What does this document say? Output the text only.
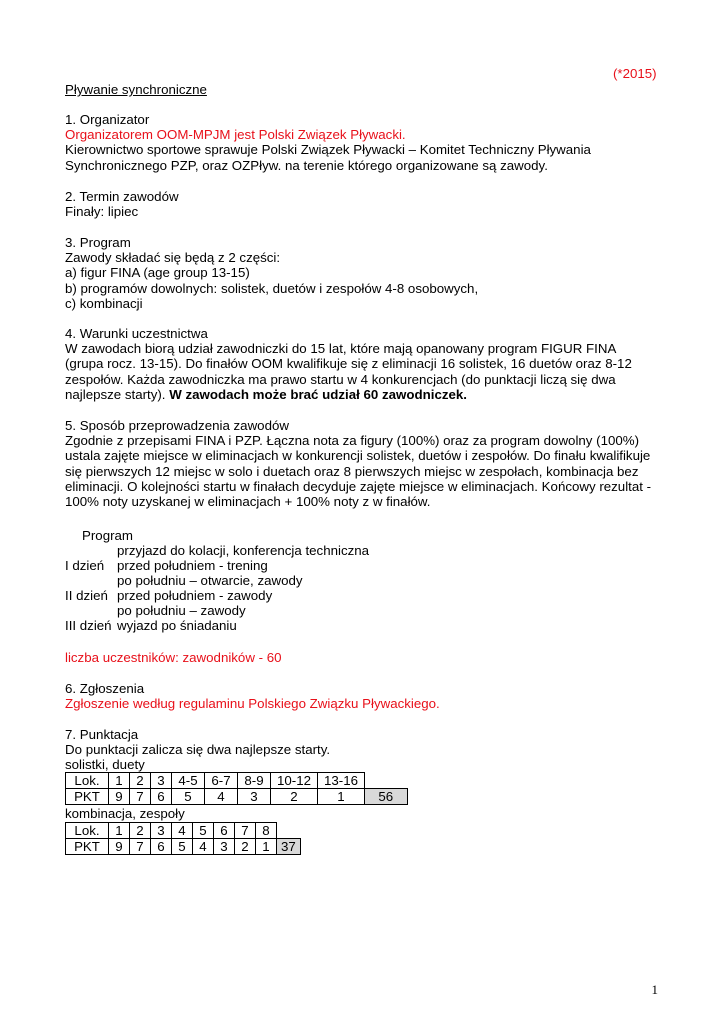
(*2015)
Pływanie synchroniczne
1. Organizator
Organizatorem OOM-MPJM jest Polski Związek Pływacki.
Kierownictwo sportowe sprawuje Polski Związek Pływacki – Komitet Techniczny Pływania
Synchronicznego PZP, oraz OZPływ. na terenie którego organizowane są zawody.
2. Termin zawodów
Finały: lipiec
3. Program
Zawody składać się będą z 2 części:
a) figur FINA (age group 13-15)
b) programów dowolnych: solistek, duetów i zespołów 4-8 osobowych,
c) kombinacji
4. Warunki uczestnictwa
W zawodach biorą udział zawodniczki do 15 lat, które mają opanowany program FIGUR FINA
(grupa rocz. 13-15). Do finałów OOM kwalifikuje się z eliminacji 16 solistek, 16 duetów oraz 8-12
zespołów. Każda zawodniczka ma prawo startu w 4 konkurencjach (do punktacji liczą się dwa
najlepsze starty). W zawodach może brać udział 60 zawodniczek.
5. Sposób przeprowadzenia zawodów
Zgodnie z przepisami FINA i PZP. Łączna nota za figury (100%) oraz za program dowolny (100%)
ustala zajęte miejsce w eliminacjach w konkurencji solistek, duetów i zespołów. Do finału kwalifikuje
się pierwszych 12 miejsc w solo i duetach oraz 8 pierwszych miejsc w zespołach, kombinacja bez
eliminacji. O kolejności startu w finałach decyduje zajęte miejsce w eliminacjach. Końcowy rezultat -
100% noty uzyskanej w eliminacjach + 100% noty z w finałów.
Program
przyjazd do kolacji, konferencja techniczna
I dzień przed południem - trening
po południu – otwarcie, zawody
II dzień przed południem - zawody
po południu – zawody
III dzień wyjazd po śniadaniu
liczba uczestników: zawodników - 60
6. Zgłoszenia
Zgłoszenie według regulaminu Polskiego Związku Pływackiego.
7. Punktacja
Do punktacji zalicza się dwa najlepsze starty.
solistki, duety
Lok.	1	2	3	4-5	6-7	8-9	10-12	13-16	
PKT	9	7	6	5	4	3	2	1	56
kombinacja, zespoły
Lok.	1	2	3	4	5	6	7	8	
PKT	9	7	6	5	4	3	2	1	37
1
